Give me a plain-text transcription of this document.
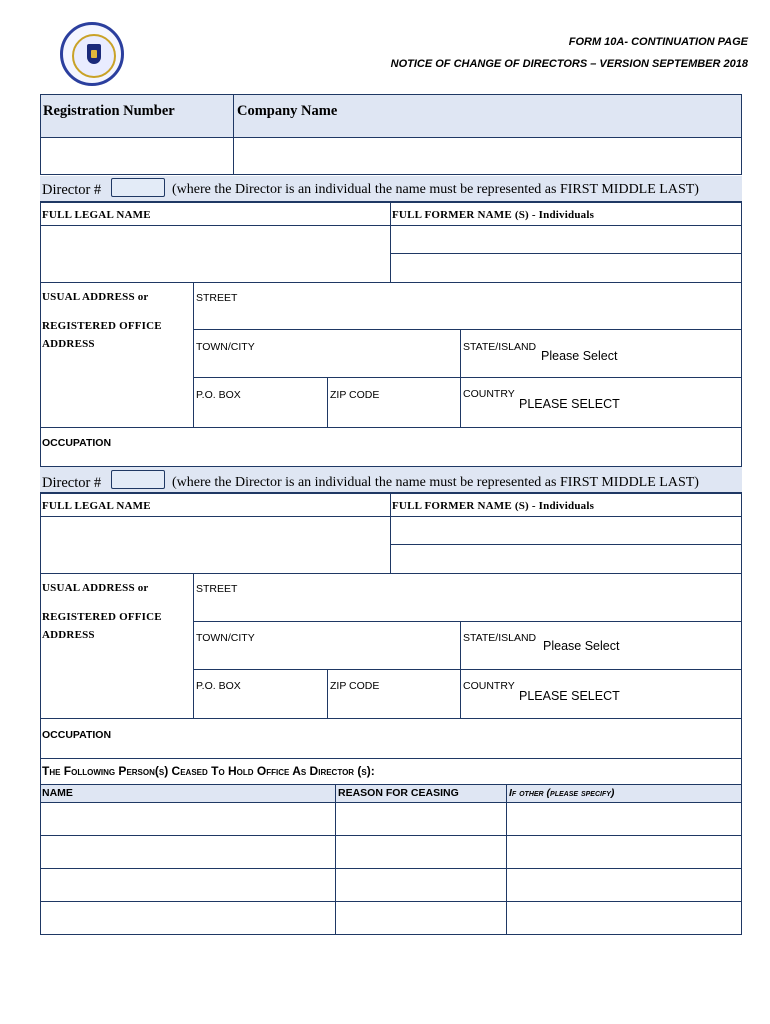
FORM 10A- CONTINUATION PAGE
NOTICE OF CHANGE OF DIRECTORS – VERSION SEPTEMBER 2018
Registration Number	Company Name
Director #	(where the Director is an individual the name must be represented as FIRST MIDDLE LAST)
FULL LEGAL NAME	FULL FORMER NAME (S) - Individuals
USUAL ADDRESS or
REGISTERED OFFICE
ADDRESS
STREET
TOWN/CITY	STATE/ISLAND
Please Select
P.O. BOX	ZIP CODE	COUNTRY
PLEASE SELECT
OCCUPATION
Director #	(where the Director is an individual the name must be represented as FIRST MIDDLE LAST)
FULL LEGAL NAME	FULL FORMER NAME (S) - Individuals
USUAL ADDRESS or
REGISTERED OFFICE
ADDRESS
STREET
TOWN/CITY	STATE/ISLAND
Please Select
P.O. BOX	ZIP CODE	COUNTRY
PLEASE SELECT
OCCUPATION
The Following Person(s) Ceased To Hold Office As Director (s):
NAME	REASON FOR CEASING	If other (please specify)
